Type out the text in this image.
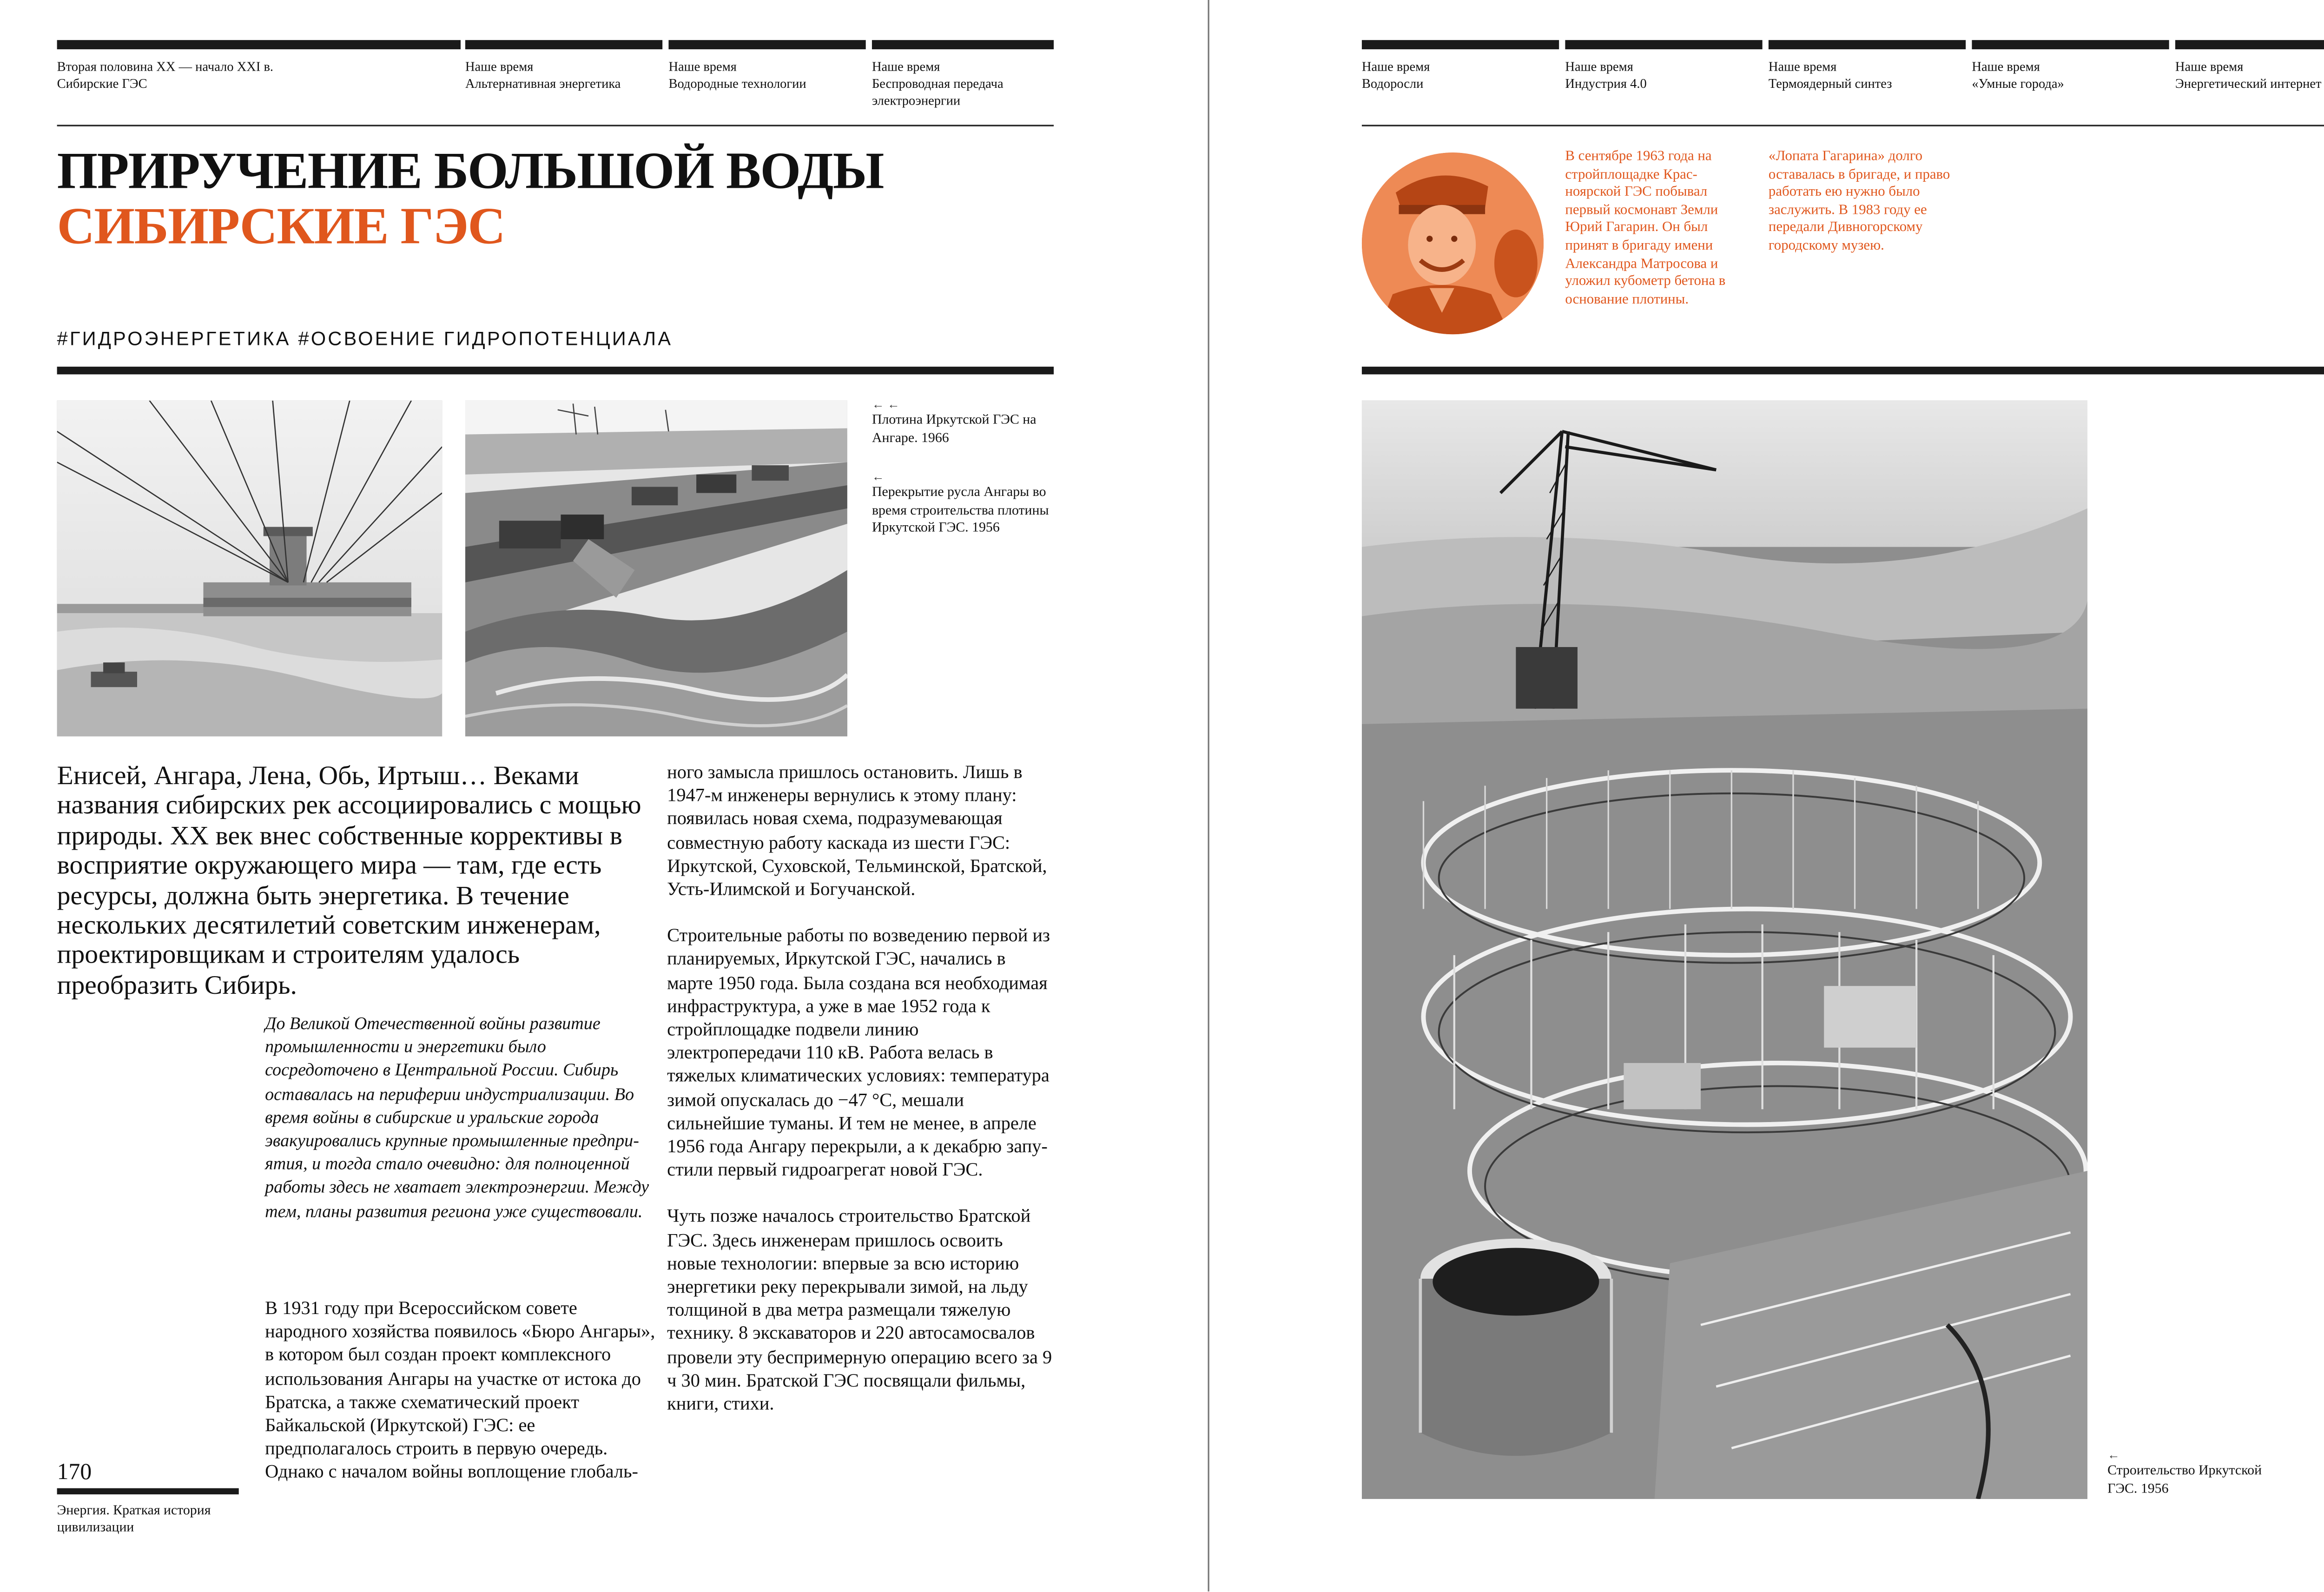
Вторая половина XX — начало XXI в.
Сибирские ГЭС
Наше время
Альтернативная энергетика
Наше время
Водородные технологии
Наше время
Беспроводная передача электроэнергии
ПРИРУЧЕНИЕ БОЛЬШОЙ ВОДЫ
СИБИРСКИЕ ГЭС
#ГИДРОЭНЕРГЕТИКА #ОСВОЕНИЕ ГИДРОПОТЕНЦИАЛА
← ←
Плотина Иркутской ГЭС на Ангаре. 1966
←
Перекрытие русла Ангары во время строительства плотины Иркутской ГЭС. 1956
Енисей, Ангара, Лена, Обь, Иртыш… Веками названия сибирских рек ассоциировались с мощью природы. XX век внес собственные коррективы в восприятие окружающего мира — там, где есть ресурсы, должна быть энергетика. В течение нескольких десятилетий советским инженерам, проектировщикам и строителям удалось преобразить Сибирь.
До Великой Отечественной войны развитие промышленности и энергетики было сосредоточено в Центральной России. Сибирь оставалась на периферии индустриализации. Во время войны в сибирские и уральские города эвакуировались крупные промышленные предприятия, и тогда стало очевидно: для полноценной работы здесь не хватает электроэнергии. Между тем, планы развития региона уже существовали.
В 1931 году при Всероссийском совете народного хозяйства появилось «Бюро Ангары», в котором был создан проект комплексного использования Ангары на участке от истока до Братска, а также схематический проект Байкальской (Иркутской) ГЭС: ее предполагалось строить в первую очередь. Однако с началом войны воплощение глобаль-

ного замысла пришлось остановить. Лишь в 1947-м инженеры вернулись к этому плану: появилась новая схема, подразумевающая совместную работу каскада из шести ГЭС: Иркутской, Суховской, Тельминской, Братской, Усть-Илимской и Богучанской.

Строительные работы по возведению первой из планируемых, Иркутской ГЭС, начались в марте 1950 года. Была создана вся необходимая инфраструктура, а уже в мае 1952 года к стройплощадке подвели линию электропередачи 110 кВ. Работа велась в тяжелых климатических условиях: температура зимой опускалась до −47 °C, мешали сильнейшие туманы. И тем не менее, в апреле 1956 года Ангару перекрыли, а к декабрю запустили первый гидроагрегат новой ГЭС.

Чуть позже началось строительство Братской ГЭС. Здесь инженерам пришлось освоить новые технологии: впервые за всю историю энергетики реку перекрывали зимой, на льду толщиной в два метра размещали тяжелую технику. 8 экскаваторов и 220 автосамосвалов провели эту беспримерную операцию всего за 9 ч 30 мин. Братской ГЭС посвящали фильмы, книги, стихи.

170
Энергия. Краткая история цивилизации
Наше время
Водоросли
Наше время
Индустрия 4.0
Наше время
Термоядерный синтез
Наше время
«Умные города»
Наше время
Энергетический интернет
В сентябре 1963 года на стройплощадке Красноярской ГЭС побывал первый космонавт Земли Юрий Гагарин. Он был принят в бригаду имени Александра Матросова и уложил кубометр бетона в основание плотины.
«Лопата Гагарина» долго оставалась в бригаде, и право работать ею нужно было заслужить. В 1983 году ее передали Дивногорскому городскому музею.
←
Строительство Иркутской ГЭС. 1956
